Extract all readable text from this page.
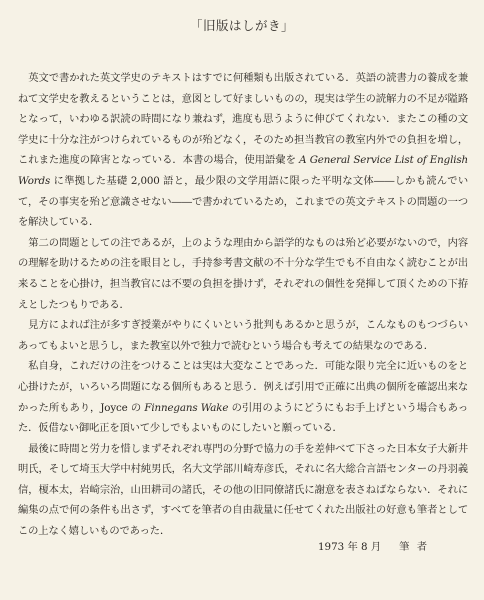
「旧版はしがき」

英文で書かれた英文学史のテキストはすでに何種類も出版されている．英語の読書力の養成を兼ねて文学史を教えるということは，意図として好ましいものの，現実は学生の読解力の不足が隘路となって，いわゆる訳読の時間になり兼ねず，進度も思うように伸びてくれない．またこの種の文学史に十分な注がつけられているものが殆どなく，そのため担当教官の教室内外での負担を増し，これまた進度の障害となっている．本書の場合，使用語彙を A General Service List of English Words に準拠した基礎 2,000 語と，最少限の文学用語に限った平明な文体――しかも読んでいて，その事実を殆ど意識させない――で書かれているため，これまでの英文テキストの問題の一つを解決している．

第二の問題としての注であるが，上のような理由から語学的なものは殆ど必要がないので，内容の理解を助けるための注を眼目とし，手持参考書文献の不十分な学生でも不自由なく読むことが出来ることを心掛け，担当教官には不要の負担を掛けず，それぞれの個性を発揮して頂くための下拵えとしたつもりである．

見方によれば注が多すぎ授業がやりにくいという批判もあるかと思うが，こんなものもつづらいあってもよいと思うし，また教室以外で独力で読むという場合も考えての結果なのである．

私自身，これだけの注をつけることは実は大変なことであった．可能な限り完全に近いものをと心掛けたが，いろいろ問題になる個所もあると思う．例えば引用で正確に出典の個所を確認出来なかった所もあり，Joyce の Finnegans Wake の引用のようにどうにもお手上げという場合もあった．仮借ない御叱正を頂いて少しでもよいものにしたいと願っている．

最後に時間と労力を惜しまずそれぞれ専門の分野で協力の手を差伸べて下さった日本女子大新井明氏，そして埼玉大学中村純男氏，名大文学部川崎寿彦氏，それに名大総合言語センターの丹羽義信，榎本太，岩崎宗治，山田耕司の諸氏，その他の旧同僚諸氏に謝意を表さねばならない．それに編集の点で何の条件も出さず，すべてを筆者の自由裁量に任せてくれた出版社の好意も筆者としてこの上なく嬉しいものであった．

1973 年 8 月 筆 者
